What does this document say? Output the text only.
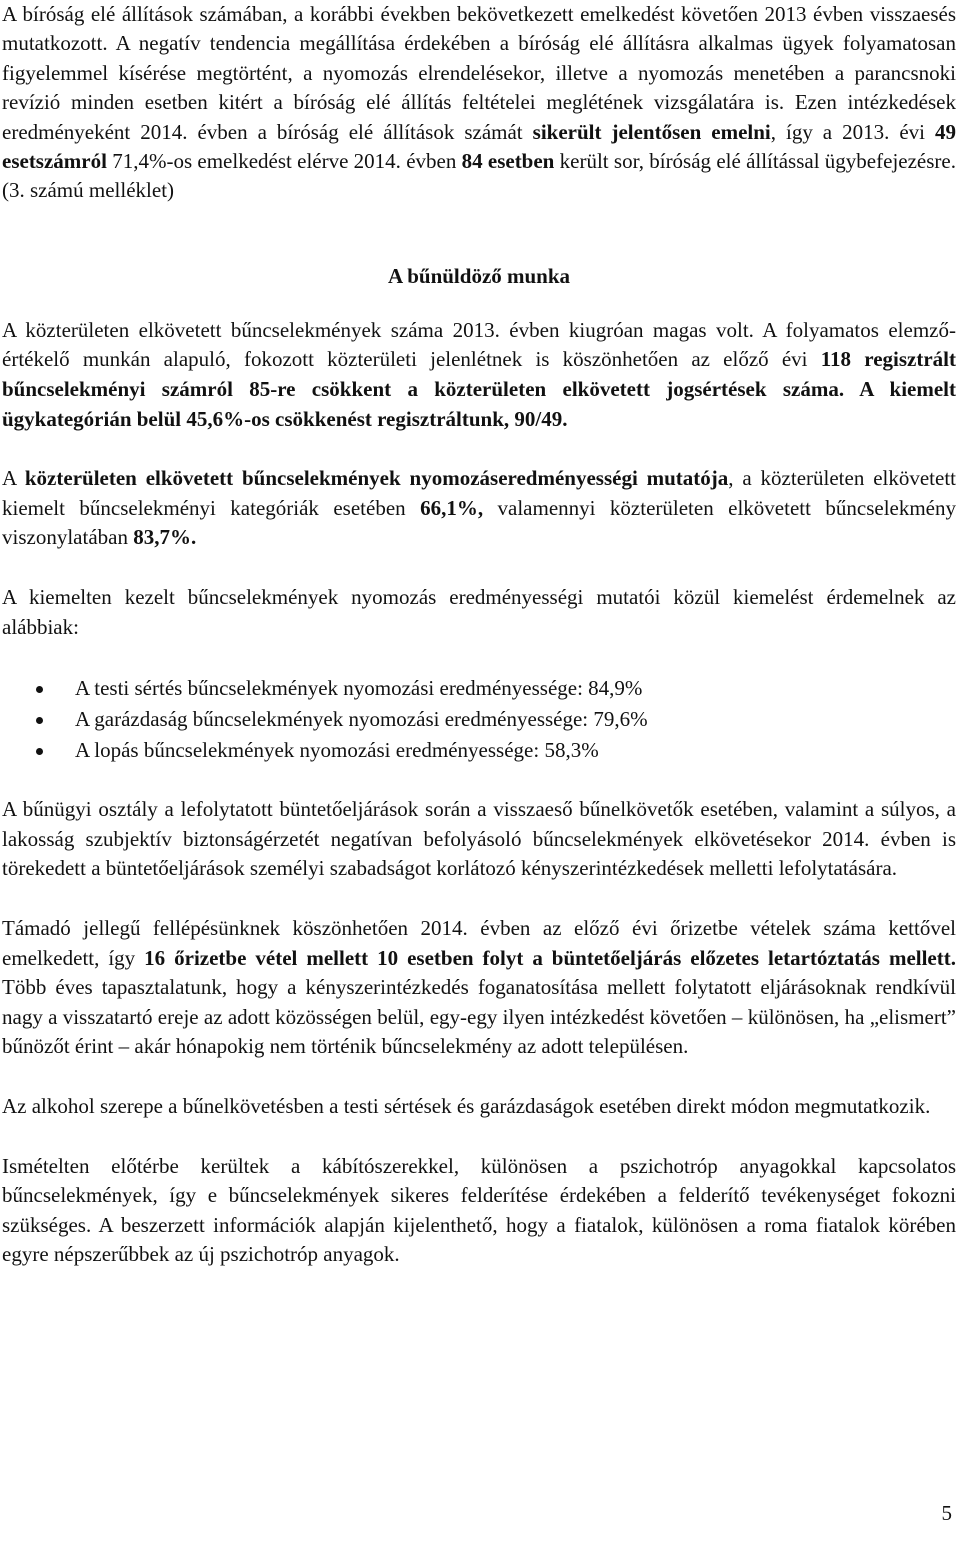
A bíróság elé állítások számában, a korábbi években bekövetkezett emelkedést követően 2013 évben visszaesés mutatkozott. A negatív tendencia megállítása érdekében a bíróság elé állításra alkalmas ügyek folyamatosan figyelemmel kísérése megtörtént, a nyomozás elrendelésekor, illetve a nyomozás menetében a parancsnoki revízió minden esetben kitért a bíróság elé állítás feltételei meglétének vizsgálatára is. Ezen intézkedések eredményeként 2014. évben a bíróság elé állítások számát sikerült jelentősen emelni, így a 2013. évi 49 esetszámról 71,4%-os emelkedést elérve 2014. évben 84 esetben került sor, bíróság elé állítással ügybefejezésre. (3. számú melléklet)

A bűnüldöző munka

A közterületen elkövetett bűncselekmények száma 2013. évben kiugróan magas volt. A folyamatos elemző-értékelő munkán alapuló, fokozott közterületi jelenlétnek is köszönhetően az előző évi 118 regisztrált bűncselekményi számról 85-re csökkent a közterületen elkövetett jogsértések száma. A kiemelt ügykategórián belül 45,6%-os csökkenést regisztráltunk, 90/49.

A közterületen elkövetett bűncselekmények nyomozáseredményességi mutatója, a közterületen elkövetett kiemelt bűncselekményi kategóriák esetében 66,1%, valamennyi közterületen elkövetett bűncselekmény viszonylatában 83,7%.

A kiemelten kezelt bűncselekmények nyomozás eredményességi mutatói közül kiemelést érdemelnek az alábbiak:

A testi sértés bűncselekmények nyomozási eredményessége: 84,9%
A garázdaság bűncselekmények nyomozási eredményessége: 79,6%
A lopás bűncselekmények nyomozási eredményessége: 58,3%

A bűnügyi osztály a lefolytatott büntetőeljárások során a visszaeső bűnelkövetők esetében, valamint a súlyos, a lakosság szubjektív biztonságérzetét negatívan befolyásoló bűncselekmények elkövetésekor 2014. évben is törekedett a büntetőeljárások személyi szabadságot korlátozó kényszerintézkedések melletti lefolytatására.

Támadó jellegű fellépésünknek köszönhetően 2014. évben az előző évi őrizetbe vételek száma kettővel emelkedett, így 16 őrizetbe vétel mellett 10 esetben folyt a büntetőeljárás előzetes letartóztatás mellett. Több éves tapasztalatunk, hogy a kényszerintézkedés foganatosítása mellett folytatott eljárásoknak rendkívül nagy a visszatartó ereje az adott közösségen belül, egy-egy ilyen intézkedést követően – különösen, ha „elismert” bűnözőt érint – akár hónapokig nem történik bűncselekmény az adott településen.

Az alkohol szerepe a bűnelkövetésben a testi sértések és garázdaságok esetében direkt módon megmutatkozik.

Ismételten előtérbe kerültek a kábítószerekkel, különösen a pszichotróp anyagokkal kapcsolatos bűncselekmények, így e bűncselekmények sikeres felderítése érdekében a felderítő tevékenységet fokozni szükséges. A beszerzett információk alapján kijelenthető, hogy a fiatalok, különösen a roma fiatalok körében egyre népszerűbbek az új pszichotróp anyagok.

5
